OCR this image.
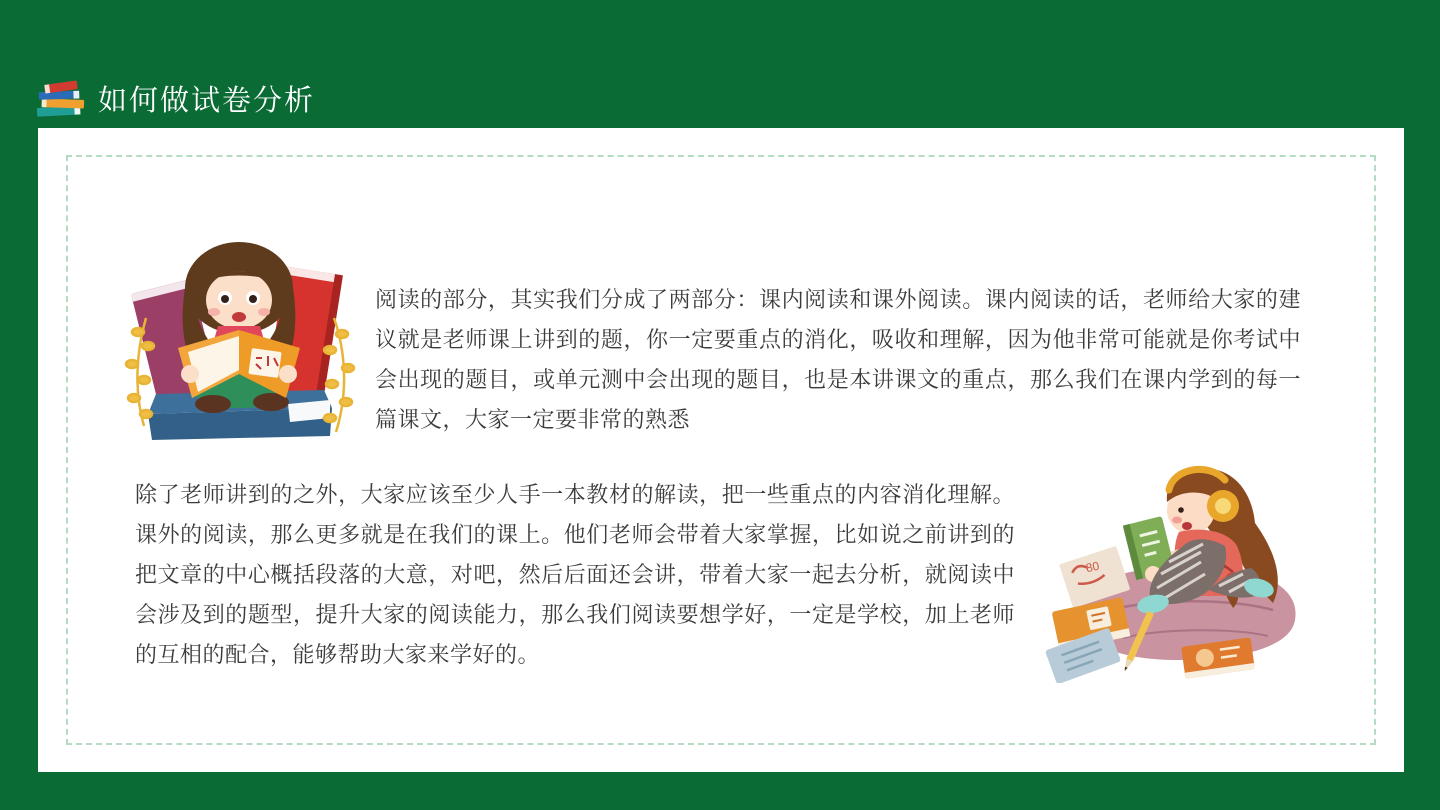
如何做试卷分析

阅读的部分，其实我们分成了两部分：课内阅读和课外阅读。课内阅读的话，老师给大家的建议就是老师课上讲到的题，你一定要重点的消化，吸收和理解，因为他非常可能就是你考试中会出现的题目，或单元测中会出现的题目，也是本讲课文的重点，那么我们在课内学到的每一篇课文，大家一定要非常的熟悉

除了老师讲到的之外，大家应该至少人手一本教材的解读，把一些重点的内容消化理解。课外的阅读，那么更多就是在我们的课上。他们老师会带着大家掌握，比如说之前讲到的把文章的中心概括段落的大意，对吧，然后后面还会讲，带着大家一起去分析，就阅读中会涉及到的题型，提升大家的阅读能力，那么我们阅读要想学好，一定是学校，加上老师的互相的配合，能够帮助大家来学好的。

80
